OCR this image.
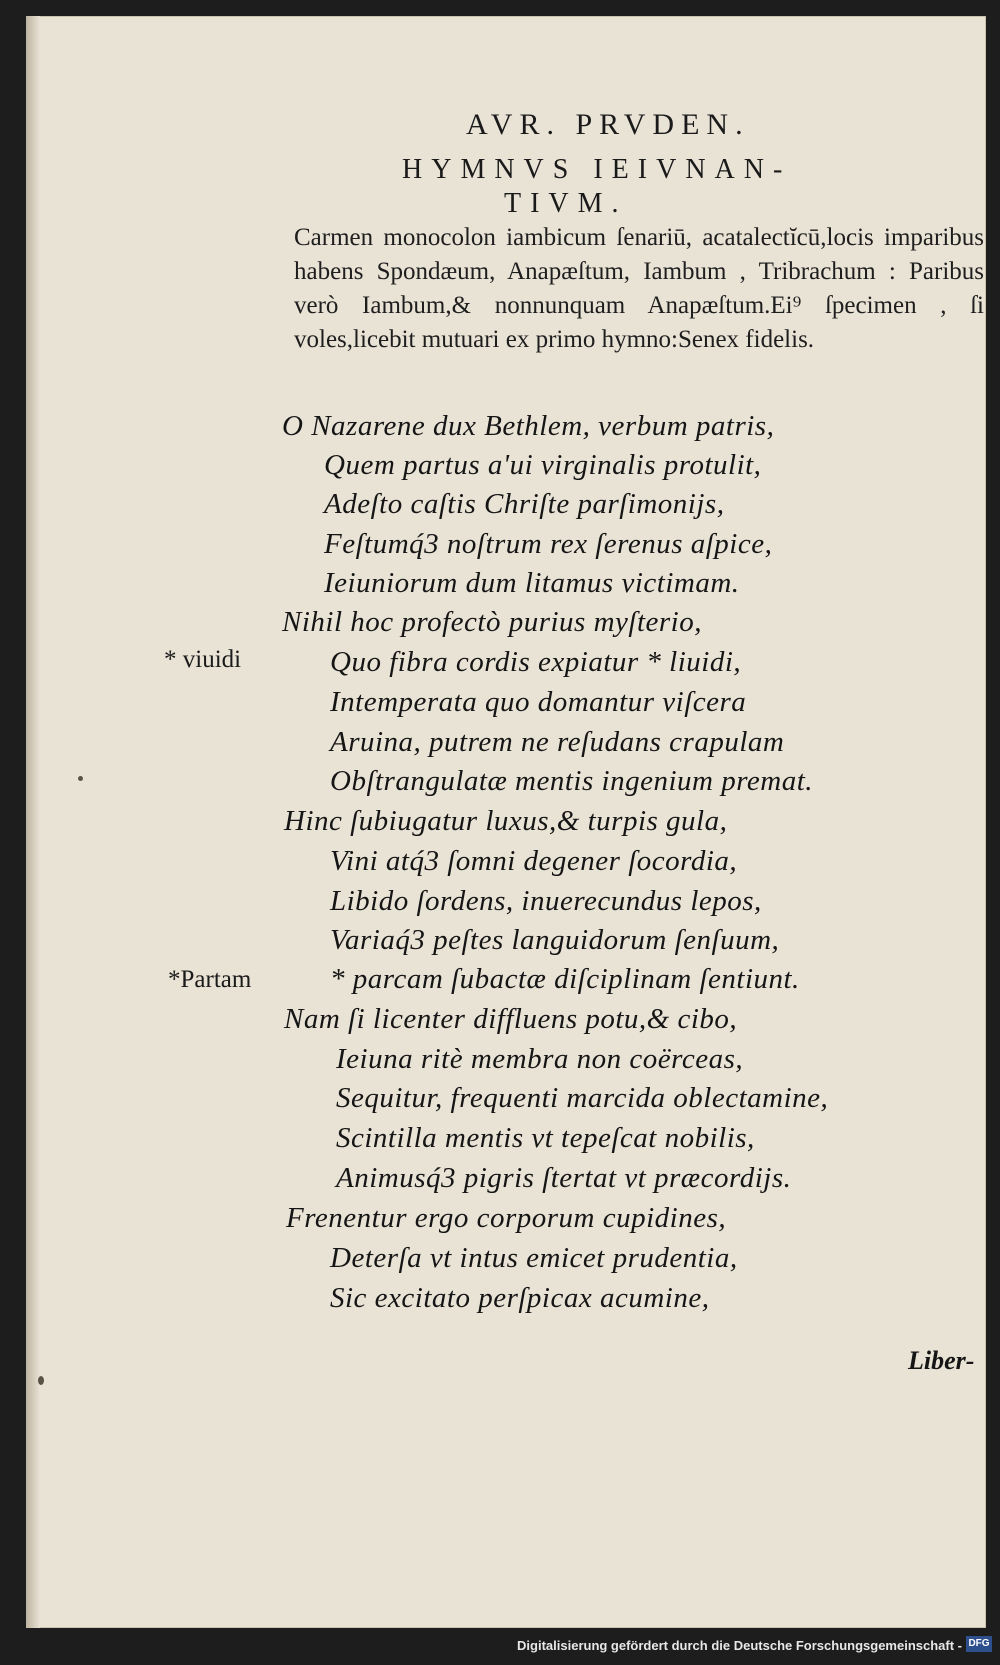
AVR. PRVDEN.
HYMNVS IEIVNAN-
TIVM.
Carmen monocolon iambicum ſenariū, acatalectĭcū,locis imparibus habens Spondæum, Anapæſtum, Iambum , Tribrachum : Paribus verò Iambum,& nonnunquam Anapæſtum.Ei⁹ ſpecimen , ſi voles,licebit mutuari ex primo hymno:Senex fidelis.
O Nazarene dux Bethlem, verbum patris,
Quem partus a'ui virginalis protulit,
Adeſto caſtis Chriſte parſimonijs,
Feſtumq́3 noſtrum rex ſerenus aſpice,
Ieiuniorum dum litamus victimam.
Nihil hoc profectò purius myſterio,
Quo fibra cordis expiatur * liuidi,
Intemperata quo domantur viſcera
Aruina, putrem ne reſudans crapulam
Obſtrangulatæ mentis ingenium premat.
Hinc ſubiugatur luxus,& turpis gula,
Vini atq́3 ſomni degener ſocordia,
Libido ſordens, inuerecundus lepos,
Variaq́3 peſtes languidorum ſenſuum,
* parcam ſubactæ diſciplinam ſentiunt.
Nam ſi licenter diffluens potu,& cibo,
Ieiuna ritè membra non coërceas,
Sequitur, frequenti marcida oblectamine,
Scintilla mentis vt tepeſcat nobilis,
Animusq́3 pigris ſtertat vt præcordijs.
Frenentur ergo corporum cupidines,
Deterſa vt intus emicet prudentia,
Sic excitato perſpicax acumine,
* viuidi
*Partam
Liber-
Digitalisierung gefördert durch die Deutsche Forschungsgemeinschaft - DFG
